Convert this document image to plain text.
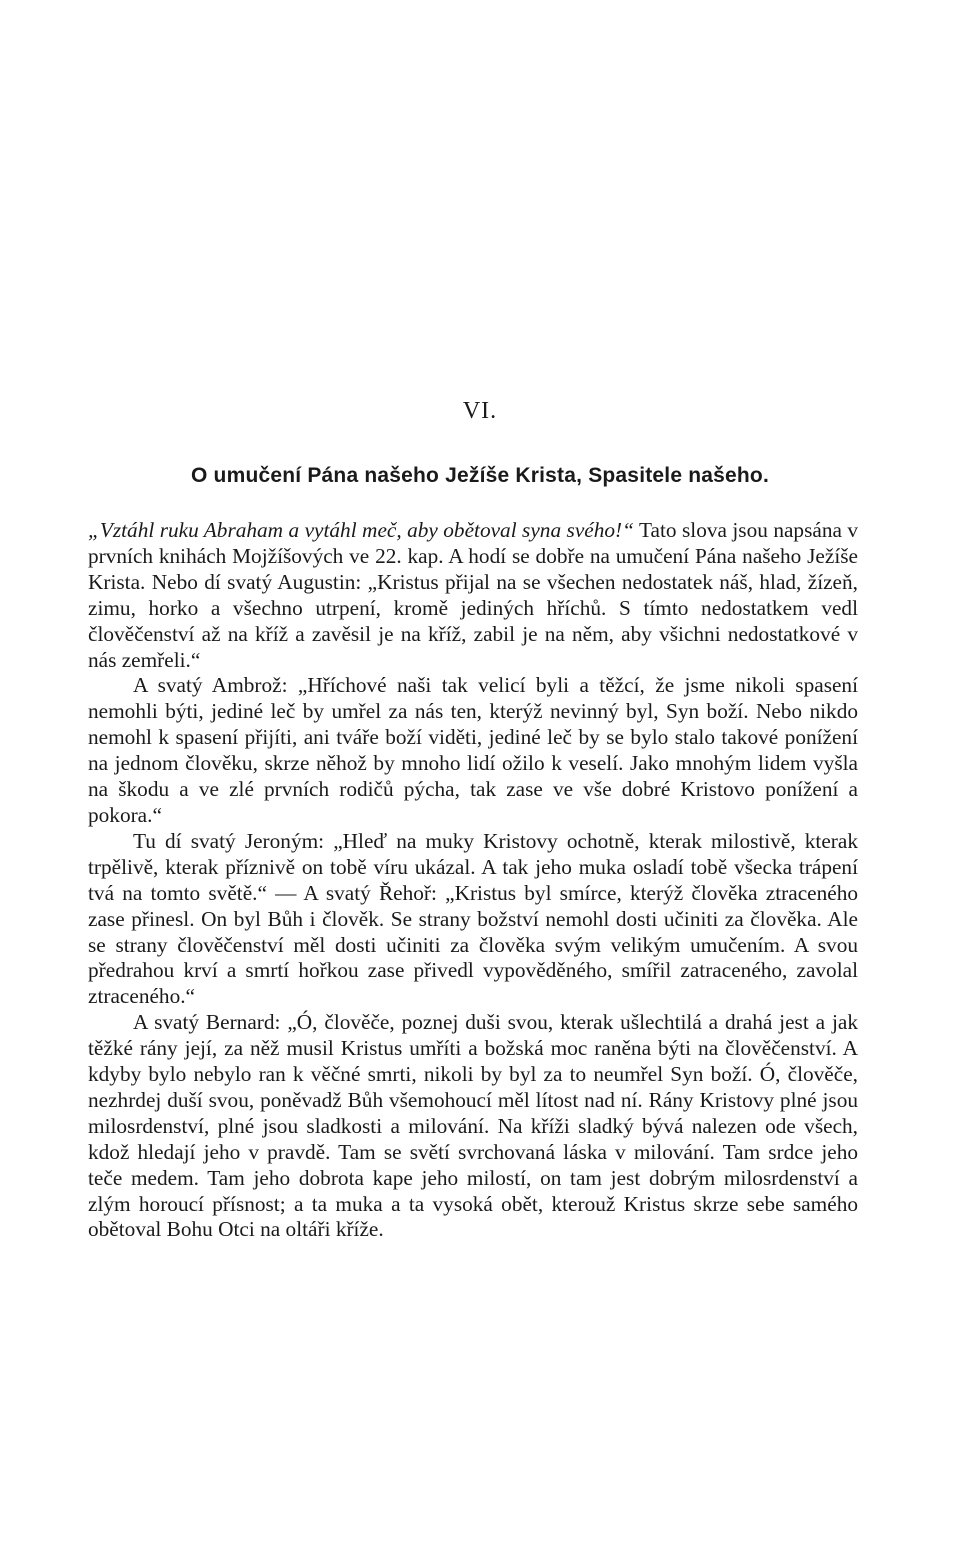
VI.
O umučení Pána našeho Ježíše Krista, Spasitele našeho.

„Vztáhl ruku Abraham a vytáhl meč, aby obětoval syna svého!“ Tato slova jsou napsána v prvních knihách Mojžíšových ve 22. kap. A hodí se dobře na umučení Pána našeho Ježíše Krista. Nebo dí svatý Augustin: „Kristus přijal na se všechen nedostatek náš, hlad, žízeň, zimu, horko a všechno utrpení, kromě jediných hříchů. S tímto nedostatkem vedl člověčenství až na kříž a zavěsil je na kříž, zabil je na něm, aby všichni nedostatkové v nás zemřeli.“

A svatý Ambrož: „Hříchové naši tak velicí byli a těžcí, že jsme nikoli spasení nemohli býti, jediné leč by umřel za nás ten, kterýž nevinný byl, Syn boží. Nebo nikdo nemohl k spasení přijíti, ani tváře boží viděti, jediné leč by se bylo stalo takové ponížení na jednom člověku, skrze něhož by mnoho lidí ožilo k veselí. Jako mnohým lidem vyšla na škodu a ve zlé prvních rodičů pýcha, tak zase ve vše dobré Kristovo ponížení a pokora.“

Tu dí svatý Jeroným: „Hleď na muky Kristovy ochotně, kterak milostivě, kterak trpělivě, kterak příznivě on tobě víru ukázal. A tak jeho muka osladí tobě všecka trápení tvá na tomto světě.“ — A svatý Řehoř: „Kristus byl smírce, kterýž člověka ztraceného zase přinesl. On byl Bůh i člověk. Se strany božství nemohl dosti učiniti za člověka. Ale se strany člověčenství měl dosti učiniti za člověka svým velikým umučením. A svou předrahou krví a smrtí hořkou zase přivedl vypověděného, smířil zatraceného, zavolal ztraceného.“

A svatý Bernard: „Ó, člověče, poznej duši svou, kterak ušlechtilá a drahá jest a jak těžké rány její, za něž musil Kristus umříti a božská moc raněna býti na člověčenství. A kdyby bylo nebylo ran k věčné smrti, nikoli by byl za to neumřel Syn boží. Ó, člověče, nezhrdej duší svou, poněvadž Bůh všemohoucí měl lítost nad ní. Rány Kristovy plné jsou milosrdenství, plné jsou sladkosti a milování. Na kříži sladký bývá nalezen ode všech, kdož hledají jeho v pravdě. Tam se světí svrchovaná láska v milování. Tam srdce jeho teče medem. Tam jeho dobrota kape jeho milostí, on tam jest dobrým milosrdenství a zlým horoucí přísnost; a ta muka a ta vysoká obět, kterouž Kristus skrze sebe samého obětoval Bohu Otci na oltáři kříže.
